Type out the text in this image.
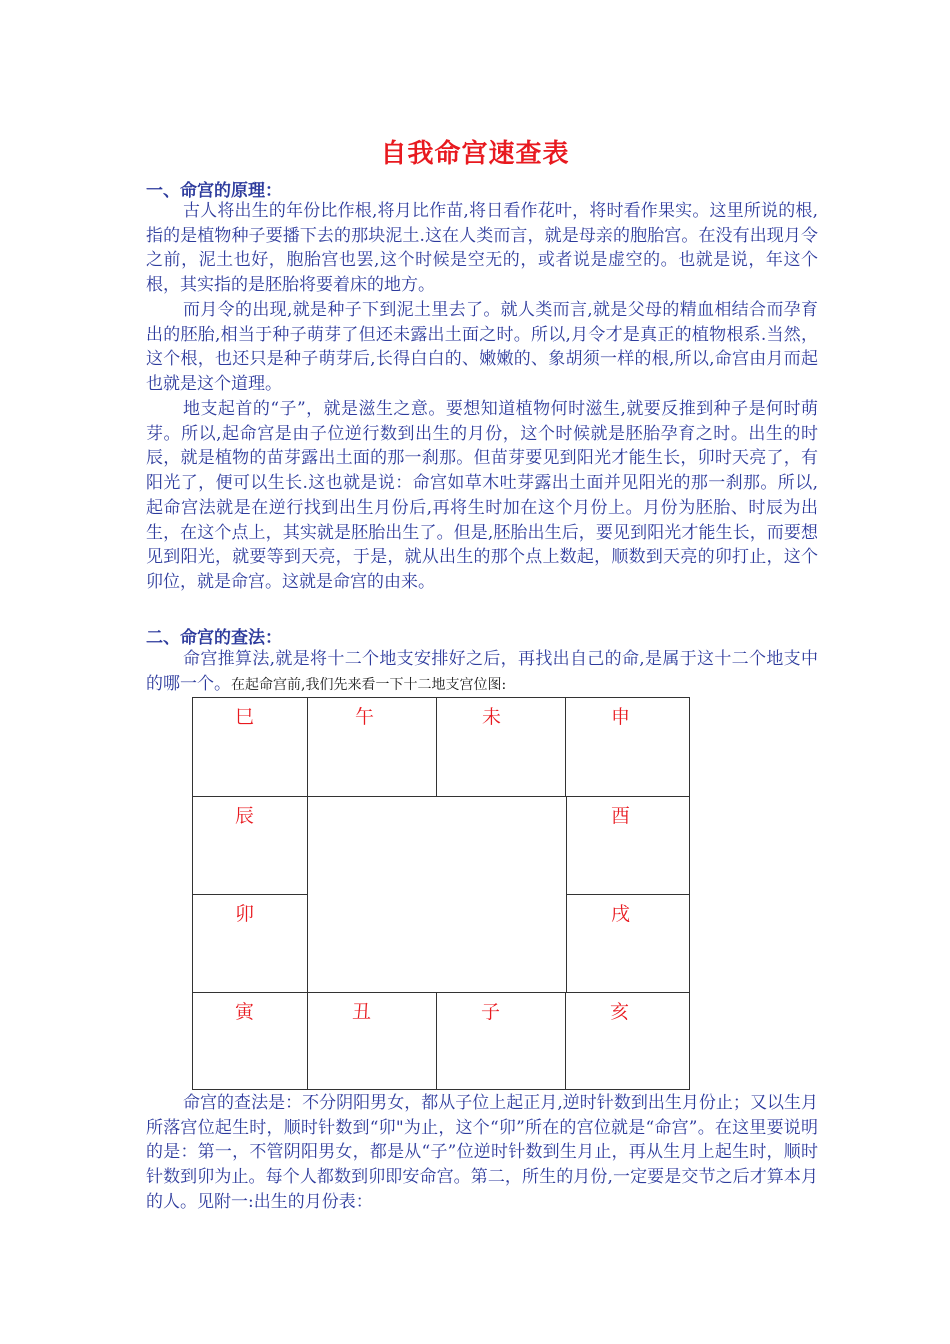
自我命宫速查表
一、命宫的原理：

古人将出生的年份比作根,将月比作苗,将日看作花叶，将时看作果实。这里所说的根,指的是植物种子要播下去的那块泥土.这在人类而言，就是母亲的胞胎宫。在没有出现月令之前，泥土也好，胞胎宫也罢,这个时候是空无的，或者说是虚空的。也就是说，年这个根，其实指的是胚胎将要着床的地方。

而月令的出现,就是种子下到泥土里去了。就人类而言,就是父母的精血相结合而孕育出的胚胎,相当于种子萌芽了但还未露出土面之时。所以,月令才是真正的植物根系.当然，这个根，也还只是种子萌芽后,长得白白的、嫩嫩的、象胡须一样的根,所以,命宫由月而起也就是这个道理。

地支起首的“子”，就是滋生之意。要想知道植物何时滋生,就要反推到种子是何时萌芽。所以,起命宫是由子位逆行数到出生的月份，这个时候就是胚胎孕育之时。出生的时辰，就是植物的苗芽露出土面的那一刹那。但苗芽要见到阳光才能生长，卯时天亮了，有阳光了，便可以生长.这也就是说：命宫如草木吐芽露出土面并见阳光的那一刹那。所以,起命宫法就是在逆行找到出生月份后,再将生时加在这个月份上。月份为胚胎、时辰为出生，在这个点上，其实就是胚胎出生了。但是,胚胎出生后，要见到阳光才能生长，而要想见到阳光，就要等到天亮，于是，就从出生的那个点上数起，顺数到天亮的卯打止，这个卯位，就是命宫。这就是命宫的由来。

二、命宫的查法：

命宫推算法,就是将十二个地支安排好之后，再找出自己的命,是属于这十二个地支中的哪一个。在起命宫前,我们先来看一下十二地支宫位图:

巳	午	未	申
辰	酉
卯	戌
寅	丑	子	亥

命宫的查法是：不分阴阳男女，都从子位上起正月,逆时针数到出生月份止；又以生月所落宫位起生时，顺时针数到“卯"为止，这个“卯”所在的宫位就是“命宫”。在这里要说明的是：第一，不管阴阳男女，都是从“子”位逆时针数到生月止，再从生月上起生时，顺时针数到卯为止。每个人都数到卯即安命宫。第二，所生的月份,一定要是交节之后才算本月的人。见附一:出生的月份表：
